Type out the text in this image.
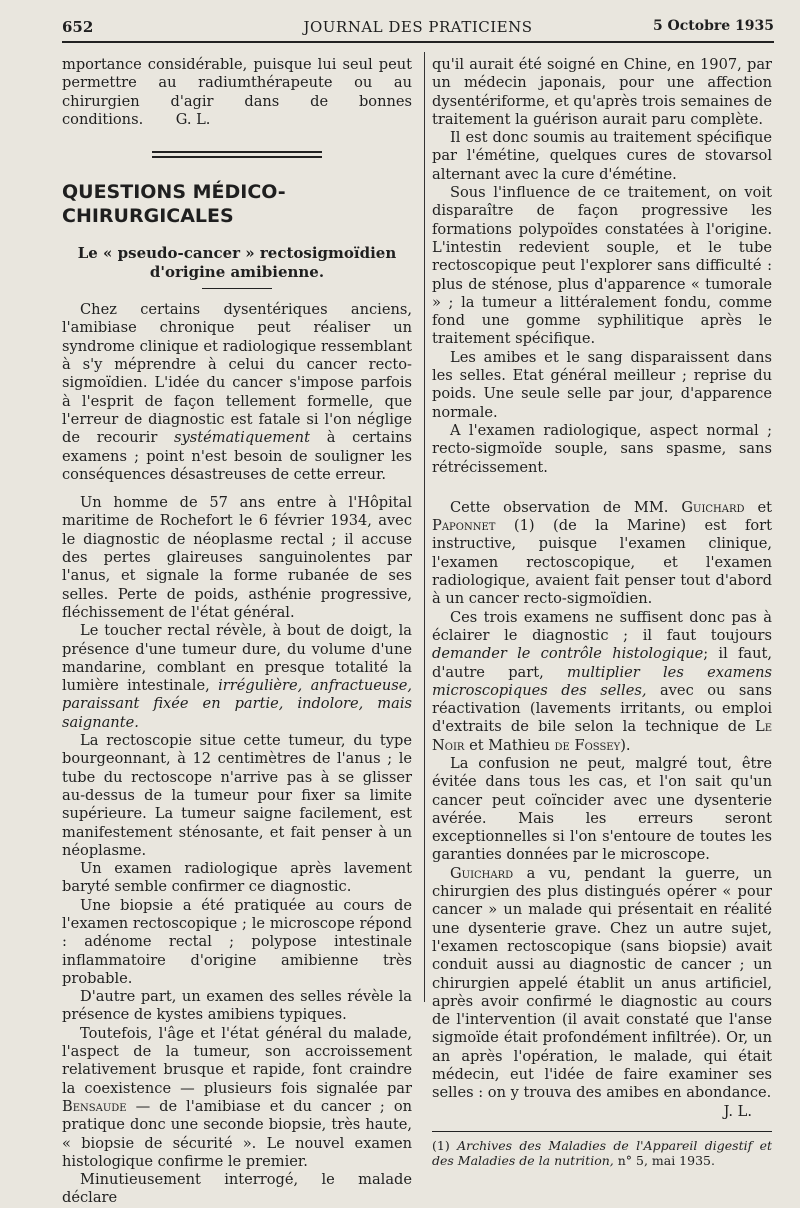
652	JOURNAL DES PRATICIENS	5 Octobre 1935

mportance considérable, puisque lui seul peut permettre au radiumthérapeute ou au chirurgien d'agir dans de bonnes conditions. G. L.

QUESTIONS MÉDICO-CHIRURGICALES
Le « pseudo-cancer » rectosigmoïdien
d'origine amibienne.

Chez certains dysentériques anciens, l'amibiase chronique peut réaliser un syndrome clinique et radiologique ressemblant à s'y méprendre à celui du cancer recto-sigmoïdien. L'idée du cancer s'impose parfois à l'esprit de façon tellement formelle, que l'erreur de diagnostic est fatale si l'on néglige de recourir systématiquement à certains examens ; point n'est besoin de souligner les conséquences désastreuses de cette erreur.

Un homme de 57 ans entre à l'Hôpital maritime de Rochefort le 6 février 1934, avec le diagnostic de néoplasme rectal ; il accuse des pertes glaireuses sanguinolentes par l'anus, et signale la forme rubanée de ses selles. Perte de poids, asthénie progressive, fléchissement de l'état général.

Le toucher rectal révèle, à bout de doigt, la présence d'une tumeur dure, du volume d'une mandarine, comblant en presque totalité la lumière intestinale, irrégulière, anfractueuse, paraissant fixée en partie, indolore, mais saignante.

La rectoscopie situe cette tumeur, du type bourgeonnant, à 12 centimètres de l'anus ; le tube du rectoscope n'arrive pas à se glisser au-dessus de la tumeur pour fixer sa limite supérieure. La tumeur saigne facilement, est manifestement sténosante, et fait penser à un néoplasme.

Un examen radiologique après lavement baryté semble confirmer ce diagnostic.

Une biopsie a été pratiquée au cours de l'examen rectoscopique ; le microscope répond : adénome rectal ; polypose intestinale inflammatoire d'origine amibienne très probable.

D'autre part, un examen des selles révèle la présence de kystes amibiens typiques.

Toutefois, l'âge et l'état général du malade, l'aspect de la tumeur, son accroissement relativement brusque et rapide, font craindre la coexistence — plusieurs fois signalée par Bensaude — de l'amibiase et du cancer ; on pratique donc une seconde biopsie, très haute, « biopsie de sécurité ». Le nouvel examen histologique confirme le premier.

Minutieusement interrogé, le malade déclare

qu'il aurait été soigné en Chine, en 1907, par un médecin japonais, pour une affection dysentériforme, et qu'après trois semaines de traitement la guérison aurait paru complète.

Il est donc soumis au traitement spécifique par l'émétine, quelques cures de stovarsol alternant avec la cure d'émétine.

Sous l'influence de ce traitement, on voit disparaître de façon progressive les formations polypoïdes constatées à l'origine. L'intestin redevient souple, et le tube rectoscopique peut l'explorer sans difficulté : plus de sténose, plus d'apparence « tumorale » ; la tumeur a littéralement fondu, comme fond une gomme syphilitique après le traitement spécifique.

Les amibes et le sang disparaissent dans les selles. Etat général meilleur ; reprise du poids. Une seule selle par jour, d'apparence normale.

A l'examen radiologique, aspect normal ; recto-sigmoïde souple, sans spasme, sans rétrécissement.

Cette observation de MM. Guichard et Paponnet (1) (de la Marine) est fort instructive, puisque l'examen clinique, l'examen rectoscopique, et l'examen radiologique, avaient fait penser tout d'abord à un cancer recto-sigmoïdien.

Ces trois examens ne suffisent donc pas à éclairer le diagnostic ; il faut toujours demander le contrôle histologique; il faut, d'autre part, multiplier les examens microscopiques des selles, avec ou sans réactivation (lavements irritants, ou emploi d'extraits de bile selon la technique de Le Noir et Mathieu de Fossey).

La confusion ne peut, malgré tout, être évitée dans tous les cas, et l'on sait qu'un cancer peut coïncider avec une dysenterie avérée. Mais les erreurs seront exceptionnelles si l'on s'entoure de toutes les garanties données par le microscope.

Guichard a vu, pendant la guerre, un chirurgien des plus distingués opérer « pour cancer » un malade qui présentait en réalité une dysenterie grave. Chez un autre sujet, l'examen rectoscopique (sans biopsie) avait conduit aussi au diagnostic de cancer ; un chirurgien appelé établit un anus artificiel, après avoir confirmé le diagnostic au cours de l'intervention (il avait constaté que l'anse sigmoïde était profondément infiltrée). Or, un an après l'opération, le malade, qui était médecin, eut l'idée de faire examiner ses selles : on y trouva des amibes en abondance.

J. L.

(1) Archives des Maladies de l'Appareil digestif et des Maladies de la nutrition, n° 5, mai 1935.
